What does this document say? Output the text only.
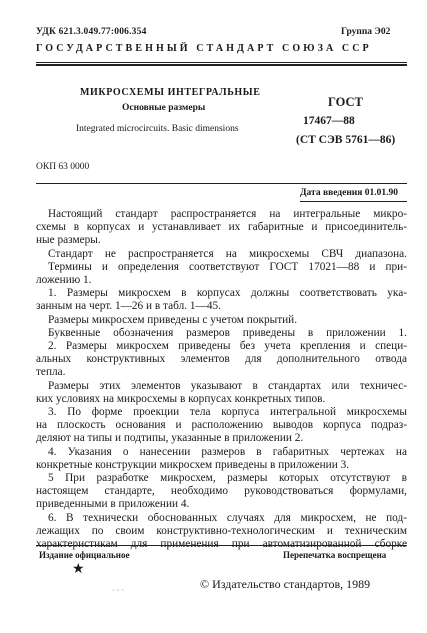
УДК 621.3.049.77:006.354	Группа Э02
ГОСУДАРСТВЕННЫЙ СТАНДАРТ СОЮЗА ССР
МИКРОСХЕМЫ ИНТЕГРАЛЬНЫЕ
Основные размеры
Integrated microcircuits. Basic dimensions
ГОСТ
17467—88
(СТ СЭВ 5761—86)
ОКП 63 0000
Дата введения 01.01.90
Настоящий стандарт распространяется на интегральные микро-
схемы в корпусах и устанавливает их габаритные и присоединитель-
ные размеры.
Стандарт не распространяется на микросхемы СВЧ диапазона.
Термины и определения соответствуют ГОСТ 17021—88 и при-
ложению 1.
1. Размеры микросхем в корпусах должны соответствовать ука-
занным на черт. 1—26 и в табл. 1—45.
Размеры микросхем приведены с учетом покрытий.
Буквенные обозначения размеров приведены в приложении 1.
2. Размеры микросхем приведены без учета крепления и специ-
альных конструктивных элементов для дополнительного отвода
тепла.
Размеры этих элементов указывают в стандартах или техничес-
ких условиях на микросхемы в корпусах конкретных типов.
3. По форме проекции тела корпуса интегральной микросхемы
на плоскость основания и расположению выводов корпуса подраз-
деляют на типы и подтипы, указанные в приложении 2.
4. Указания о нанесении размеров в габаритных чертежах на
конкретные конструкции микросхем приведены в приложении 3.
5 При разработке микросхем, размеры которых отсутствуют в
настоящем стандарте, необходимо руководствоваться формулами,
приведенными в приложении 4.
6. В технически обоснованных случаях для микросхем, не под-
лежащих по своим конструктивно-технологическим и техническим
Издание официальное	Перепечатка воспрещена
★
· · ·	© Издательство стандартов, 1989
